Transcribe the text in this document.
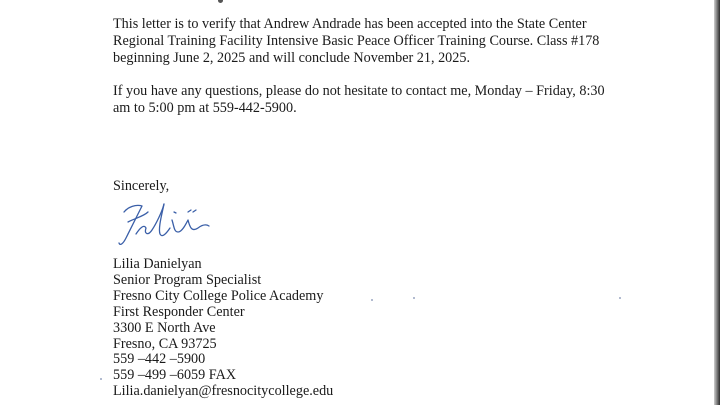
This letter is to verify that Andrew Andrade has been accepted into the State Center
Regional Training Facility Intensive Basic Peace Officer Training Course. Class #178
beginning June 2, 2025 and will conclude November 21, 2025.

If you have any questions, please do not hesitate to contact me, Monday – Friday, 8:30
am to 5:00 pm at 559-442-5900.

Sincerely,

Lilia Danielyan
Senior Program Specialist
Fresno City College Police Academy
First Responder Center
3300 E North Ave
Fresno, CA 93725
559 –442 –5900
559 –499 –6059 FAX
Lilia.danielyan@fresnocitycollege.edu
